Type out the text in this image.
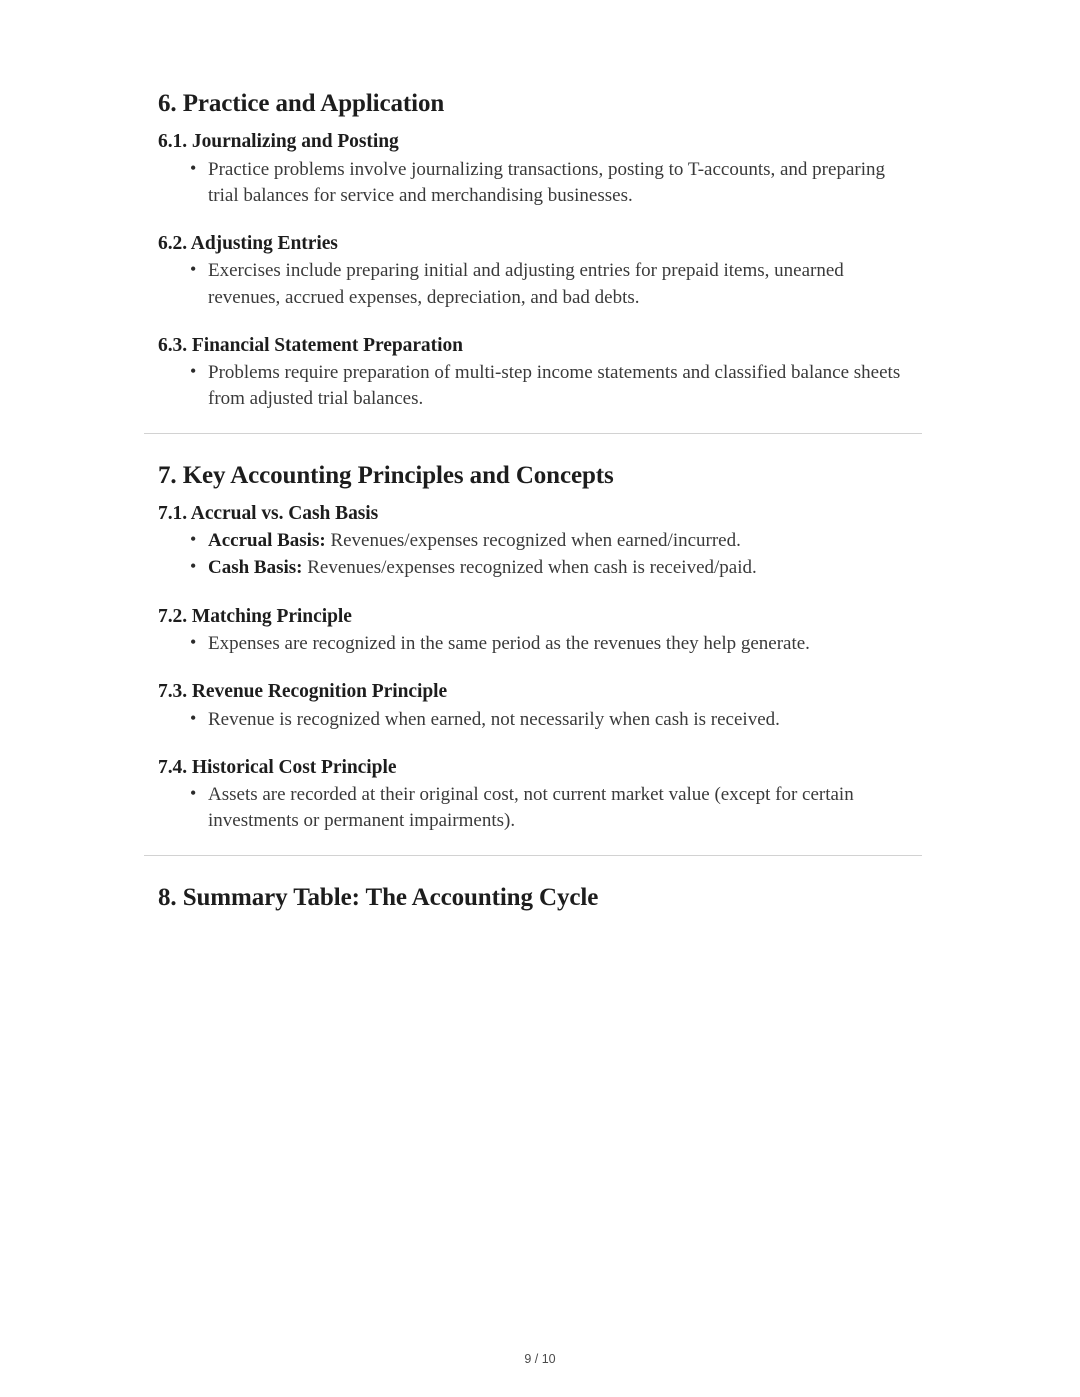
6. Practice and Application
6.1. Journalizing and Posting
• Practice problems involve journalizing transactions, posting to T-accounts, and preparing trial balances for service and merchandising businesses.
6.2. Adjusting Entries
• Exercises include preparing initial and adjusting entries for prepaid items, unearned revenues, accrued expenses, depreciation, and bad debts.
6.3. Financial Statement Preparation
• Problems require preparation of multi-step income statements and classified balance sheets from adjusted trial balances.
7. Key Accounting Principles and Concepts
7.1. Accrual vs. Cash Basis
• Accrual Basis: Revenues/expenses recognized when earned/incurred.
• Cash Basis: Revenues/expenses recognized when cash is received/paid.
7.2. Matching Principle
• Expenses are recognized in the same period as the revenues they help generate.
7.3. Revenue Recognition Principle
• Revenue is recognized when earned, not necessarily when cash is received.
7.4. Historical Cost Principle
• Assets are recorded at their original cost, not current market value (except for certain investments or permanent impairments).
8. Summary Table: The Accounting Cycle
9 / 10
